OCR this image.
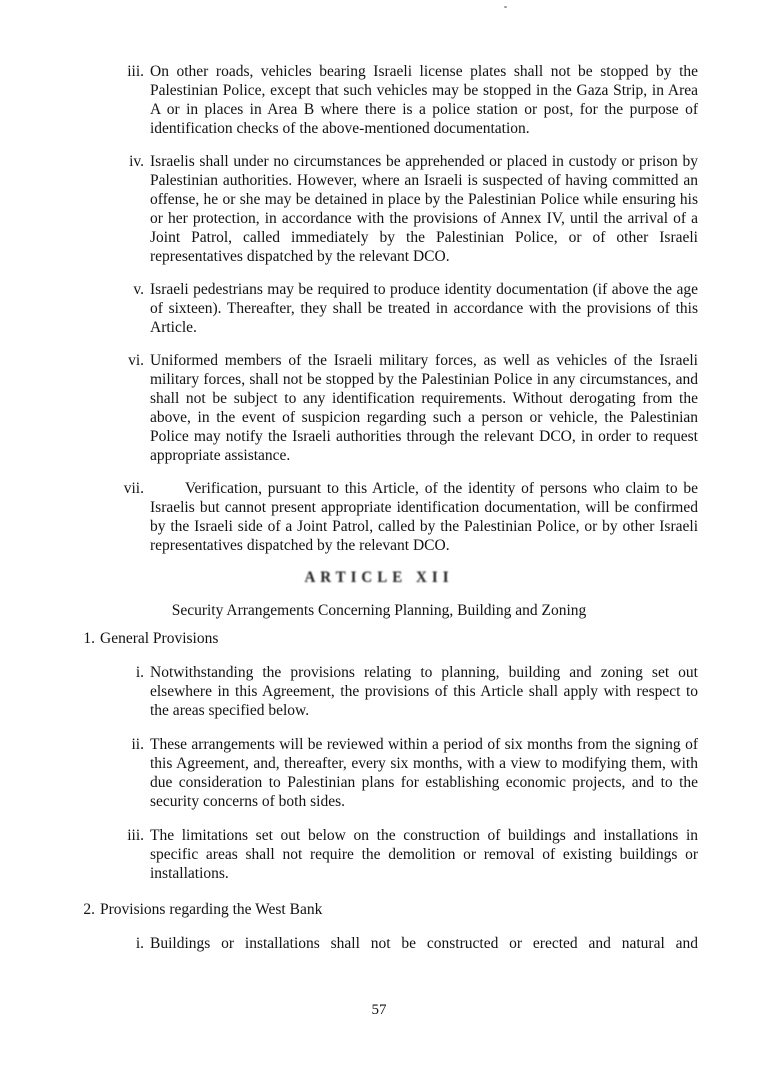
iii. On other roads, vehicles bearing Israeli license plates shall not be stopped by the Palestinian Police, except that such vehicles may be stopped in the Gaza Strip, in Area A or in places in Area B where there is a police station or post, for the purpose of identification checks of the above-mentioned documentation.
iv. Israelis shall under no circumstances be apprehended or placed in custody or prison by Palestinian authorities. However, where an Israeli is suspected of having committed an offense, he or she may be detained in place by the Palestinian Police while ensuring his or her protection, in accordance with the provisions of Annex IV, until the arrival of a Joint Patrol, called immediately by the Palestinian Police, or of other Israeli representatives dispatched by the relevant DCO.
v. Israeli pedestrians may be required to produce identity documentation (if above the age of sixteen). Thereafter, they shall be treated in accordance with the provisions of this Article.
vi. Uniformed members of the Israeli military forces, as well as vehicles of the Israeli military forces, shall not be stopped by the Palestinian Police in any circumstances, and shall not be subject to any identification requirements. Without derogating from the above, in the event of suspicion regarding such a person or vehicle, the Palestinian Police may notify the Israeli authorities through the relevant DCO, in order to request appropriate assistance.
vii.	Verification, pursuant to this Article, of the identity of persons who claim to be Israelis but cannot present appropriate identification documentation, will be confirmed by the Israeli side of a Joint Patrol, called by the Palestinian Police, or by other Israeli representatives dispatched by the relevant DCO.
ARTICLE XII
Security Arrangements Concerning Planning, Building and Zoning
1. General Provisions
i. Notwithstanding the provisions relating to planning, building and zoning set out elsewhere in this Agreement, the provisions of this Article shall apply with respect to the areas specified below.
ii. These arrangements will be reviewed within a period of six months from the signing of this Agreement, and, thereafter, every six months, with a view to modifying them, with due consideration to Palestinian plans for establishing economic projects, and to the security concerns of both sides.
iii. The limitations set out below on the construction of buildings and installations in specific areas shall not require the demolition or removal of existing buildings or installations.
2. Provisions regarding the West Bank
i. Buildings or installations shall not be constructed or erected and natural and
57
